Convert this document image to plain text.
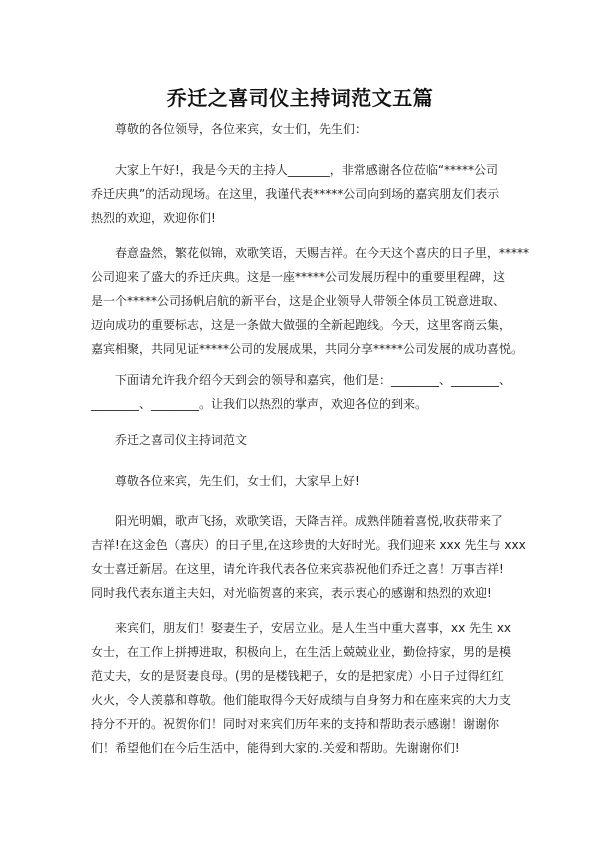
乔迁之喜司仪主持词范文五篇
尊敬的各位领导，各位来宾，女士们，先生们：
大家上午好!，我是今天的主持人_______，非常感谢各位莅临“*****公司
乔迁庆典”的活动现场。在这里，我谨代表*****公司向到场的嘉宾朋友们表示
热烈的欢迎，欢迎你们!
春意盎然，繁花似锦，欢歌笑语，天赐吉祥。在今天这个喜庆的日子里，*****
公司迎来了盛大的乔迁庆典。这是一座*****公司发展历程中的重要里程碑，这
是一个*****公司扬帆启航的新平台，这是企业领导人带领全体员工锐意进取、
迈向成功的重要标志，这是一条做大做强的全新起跑线。今天，这里客商云集，
嘉宾相聚，共同见证*****公司的发展成果，共同分享*****公司发展的成功喜悦。
下面请允许我介绍今天到会的领导和嘉宾，他们是：________、________、
________、________。让我们以热烈的掌声，欢迎各位的到来。
乔迁之喜司仪主持词范文
尊敬各位来宾，先生们，女士们，大家早上好!
阳光明媚，歌声飞扬，欢歌笑语，天降吉祥。成熟伴随着喜悦,收获带来了
吉祥!在这金色（喜庆）的日子里,在这珍贵的大好时光。我们迎来 xxx 先生与 xxx
女士喜迁新居。在这里，请允许我代表各位来宾恭祝他们乔迁之喜！万事吉祥!
同时我代表东道主夫妇，对光临贺喜的来宾，表示衷心的感谢和热烈的欢迎!
来宾们，朋友们！娶妻生子，安居立业。是人生当中重大喜事，xx 先生 xx
女士，在工作上拼搏进取，积极向上，在生活上兢兢业业，勤俭持家，男的是模
范丈夫，女的是贤妻良母。(男的是楼钱耙子，女的是把家虎）小日子过得红红
火火，令人羡慕和尊敬。他们能取得今天好成绩与自身努力和在座来宾的大力支
持分不开的。祝贺你们！同时对来宾们历年来的支持和帮助表示感谢！谢谢你
们！希望他们在今后生活中，能得到大家的.关爱和帮助。先谢谢你们!
